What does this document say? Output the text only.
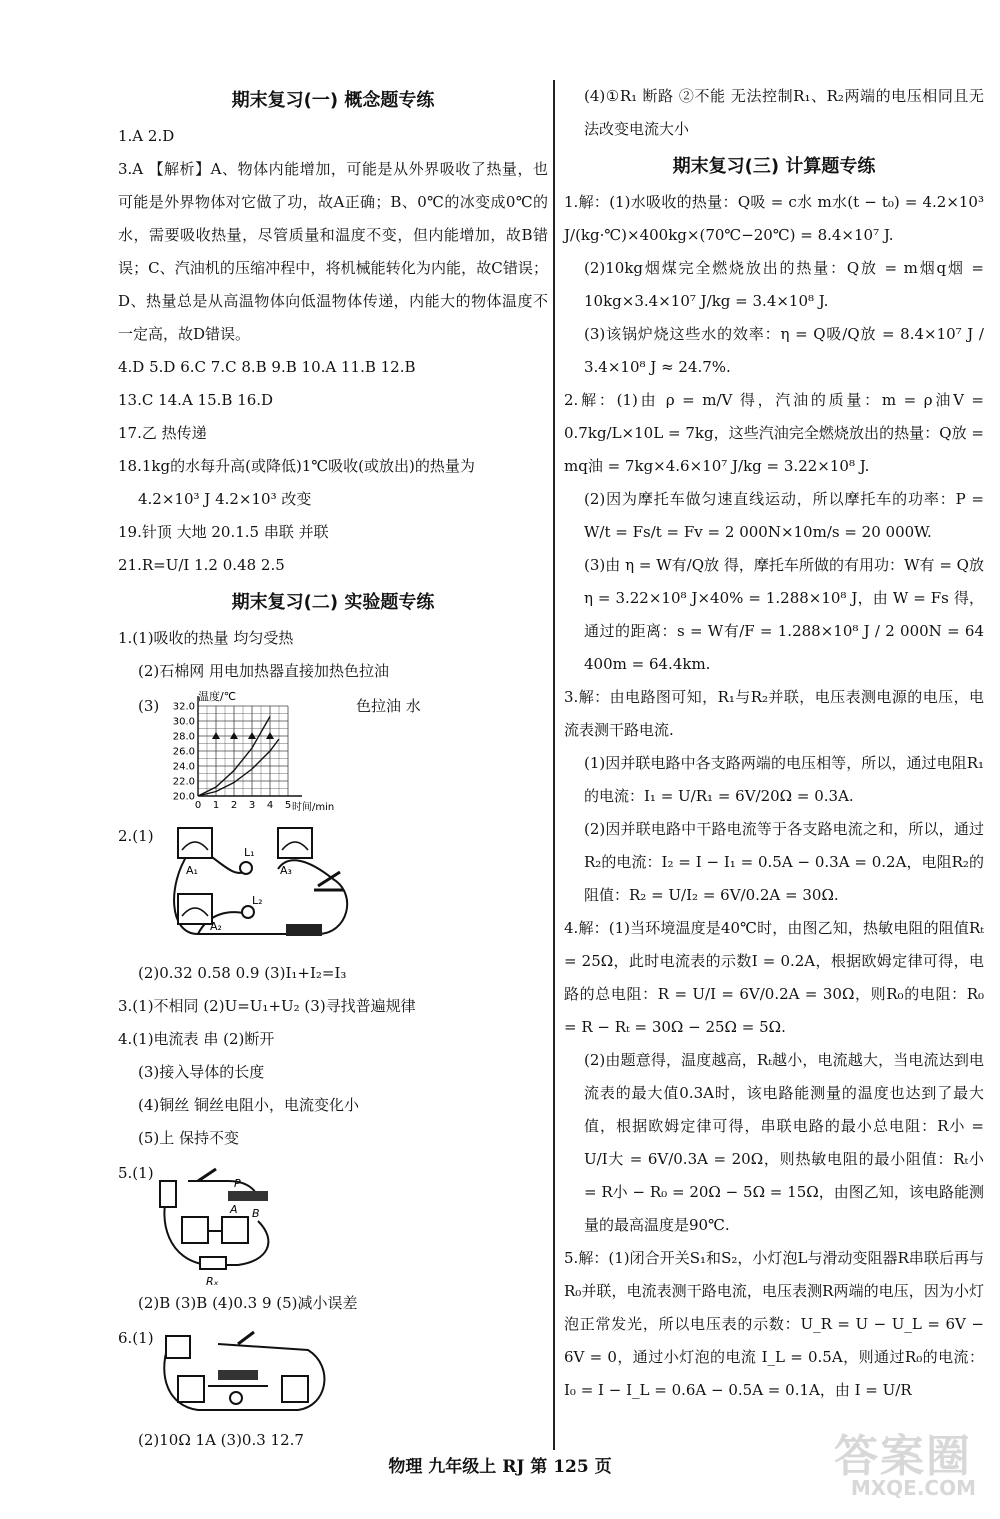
期末复习(一) 概念题专练

1.A 2.D

3.A 【解析】A、物体内能增加，可能是从外界吸收了热量，也可能是外界物体对它做了功，故A正确；B、0℃的冰变成0℃的水，需要吸收热量，尽管质量和温度不变，但内能增加，故B错误；C、汽油机的压缩冲程中，将机械能转化为内能，故C错误；D、热量总是从高温物体向低温物体传递，内能大的物体温度不一定高，故D错误。

4.D 5.D 6.C 7.C 8.B 9.B 10.A 11.B 12.B

13.C 14.A 15.B 16.D

17.乙 热传递

18.1kg的水每升高(或降低)1℃吸收(或放出)的热量为

4.2×10³ J 4.2×10³ 改变

19.针顶 大地 20.1.5 串联 并联

21.R=U/I 1.2 0.48 2.5

期末复习(二) 实验题专练

1.(1)吸收的热量 均匀受热

(2)石棉网 用电加热器直接加热色拉油

(3)	色拉油 水
32.0
30.0
28.0
26.0
24.0
22.0
20.0
0 1 2 3 4 5
温度/℃
时间/min
2.(1)
A₁	A₃
A₂
L₁
L₂

(2)0.32 0.58 0.9 (3)I₁+I₂=I₃

3.(1)不相同 (2)U=U₁+U₂ (3)寻找普遍规律

4.(1)电流表 串 (2)断开

(3)接入导体的长度

(4)铜丝 铜丝电阻小，电流变化小

(5)上 保持不变

5.(1)
P
A B
Rₓ

(2)B (3)B (4)0.3 9 (5)减小误差

6.(1)

(2)10Ω 1A (3)0.3 12.7

(4)①R₁ 断路 ②不能 无法控制R₁、R₂两端的电压相同且无法改变电流大小

期末复习(三) 计算题专练

1.解：(1)水吸收的热量：Q吸 = c水 m水(t − t₀) = 4.2×10³ J/(kg·℃)×400kg×(70℃−20℃) = 8.4×10⁷ J.

(2)10kg烟煤完全燃烧放出的热量：Q放 = m烟q烟 = 10kg×3.4×10⁷ J/kg = 3.4×10⁸ J.

(3)该锅炉烧这些水的效率：η = Q吸/Q放 = 8.4×10⁷ J / 3.4×10⁸ J ≈ 24.7%.

2.解：(1)由 ρ = m/V 得，汽油的质量：m = ρ油V = 0.7kg/L×10L = 7kg，这些汽油完全燃烧放出的热量：Q放 = mq油 = 7kg×4.6×10⁷ J/kg = 3.22×10⁸ J.

(2)因为摩托车做匀速直线运动，所以摩托车的功率：P = W/t = Fs/t = Fv = 2 000N×10m/s = 20 000W.

(3)由 η = W有/Q放 得，摩托车所做的有用功：W有 = Q放η = 3.22×10⁸ J×40% = 1.288×10⁸ J，由 W = Fs 得，通过的距离：s = W有/F = 1.288×10⁸ J / 2 000N = 64 400m = 64.4km.

3.解：由电路图可知，R₁与R₂并联，电压表测电源的电压，电流表测干路电流.

(1)因并联电路中各支路两端的电压相等，所以，通过电阻R₁的电流：I₁ = U/R₁ = 6V/20Ω = 0.3A.

(2)因并联电路中干路电流等于各支路电流之和，所以，通过R₂的电流：I₂ = I − I₁ = 0.5A − 0.3A = 0.2A，电阻R₂的阻值：R₂ = U/I₂ = 6V/0.2A = 30Ω.

4.解：(1)当环境温度是40℃时，由图乙知，热敏电阻的阻值Rₜ = 25Ω，此时电流表的示数I = 0.2A，根据欧姆定律可得，电路的总电阻：R = U/I = 6V/0.2A = 30Ω，则R₀的电阻：R₀ = R − Rₜ = 30Ω − 25Ω = 5Ω.

(2)由题意得，温度越高，Rₜ越小，电流越大，当电流达到电流表的最大值0.3A时，该电路能测量的温度也达到了最大值，根据欧姆定律可得，串联电路的最小总电阻：R小 = U/I大 = 6V/0.3A = 20Ω，则热敏电阻的最小阻值：Rₜ小 = R小 − R₀ = 20Ω − 5Ω = 15Ω，由图乙知，该电路能测量的最高温度是90℃.

5.解：(1)闭合开关S₁和S₂，小灯泡L与滑动变阻器R串联后再与R₀并联，电流表测干路电流，电压表测R两端的电压，因为小灯泡正常发光，所以电压表的示数：U_R = U − U_L = 6V − 6V = 0，通过小灯泡的电流 I_L = 0.5A，则通过R₀的电流：I₀ = I − I_L = 0.6A − 0.5A = 0.1A，由 I = U/R

物理 九年级上 RJ 第 125 页	答案圈
MXQE.COM
